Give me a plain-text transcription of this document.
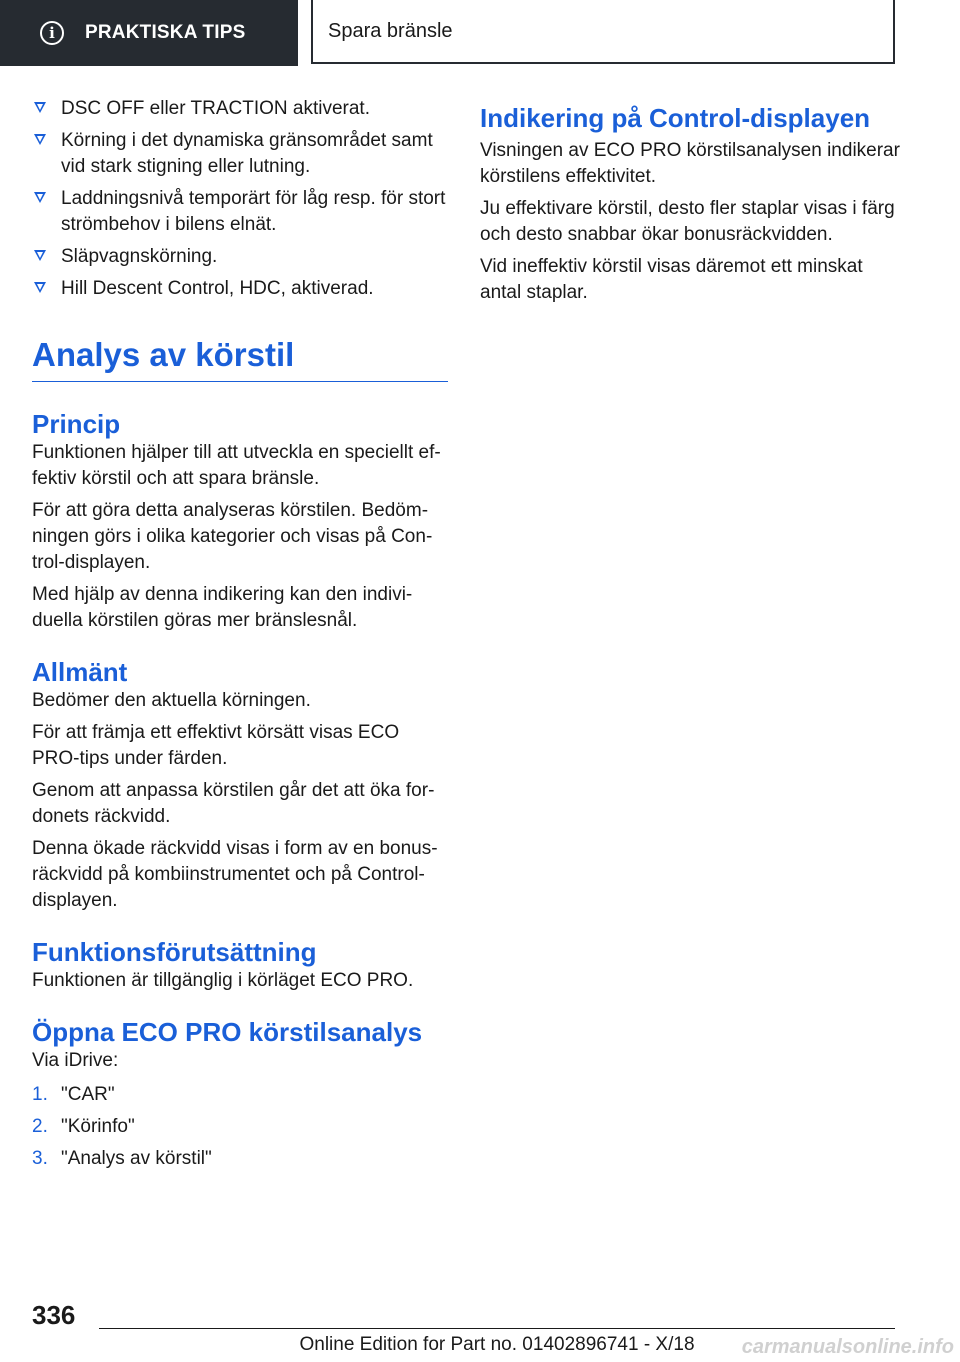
i	PRAKTISKA TIPS	Spara bränsle
DSC OFF eller TRACTION aktiverat.
Körning i det dynamiska gränsområdet samt vid stark stigning eller lutning.
Laddningsnivå temporärt för låg resp. för stort strömbehov i bilens elnät.
Släpvagnskörning.
Hill Descent Control, HDC, aktiverad.
Analys av körstil
Princip

Funktionen hjälper till att utveckla en speciellt effektiv körstil och att spara bränsle.

För att göra detta analyseras körstilen. Bedömningen görs i olika kategorier och visas på Control-displayen.

Med hjälp av denna indikering kan den individuella körstilen göras mer bränslesnål.

Allmänt

Bedömer den aktuella körningen.

För att främja ett effektivt körsätt visas ECO PRO-tips under färden.

Genom att anpassa körstilen går det att öka fordonets räckvidd.

Denna ökade räckvidd visas i form av en bonusräckvidd på kombiinstrumentet och på Control-displayen.

Funktionsförutsättning

Funktionen är tillgänglig i körläget ECO PRO.

Öppna ECO PRO körstilsanalys

Via iDrive:

1. "CAR"
2. "Körinfo"
3. "Analys av körstil"
Indikering på Control-displayen

Visningen av ECO PRO körstilsanalysen indikerar körstilens effektivitet.

Ju effektivare körstil, desto fler staplar visas i färg och desto snabbar ökar bonusräckvidden.

Vid ineffektiv körstil visas däremot ett minskat antal staplar.

336
Online Edition for Part no. 01402896741 - X/18	carmanualsonline.info
